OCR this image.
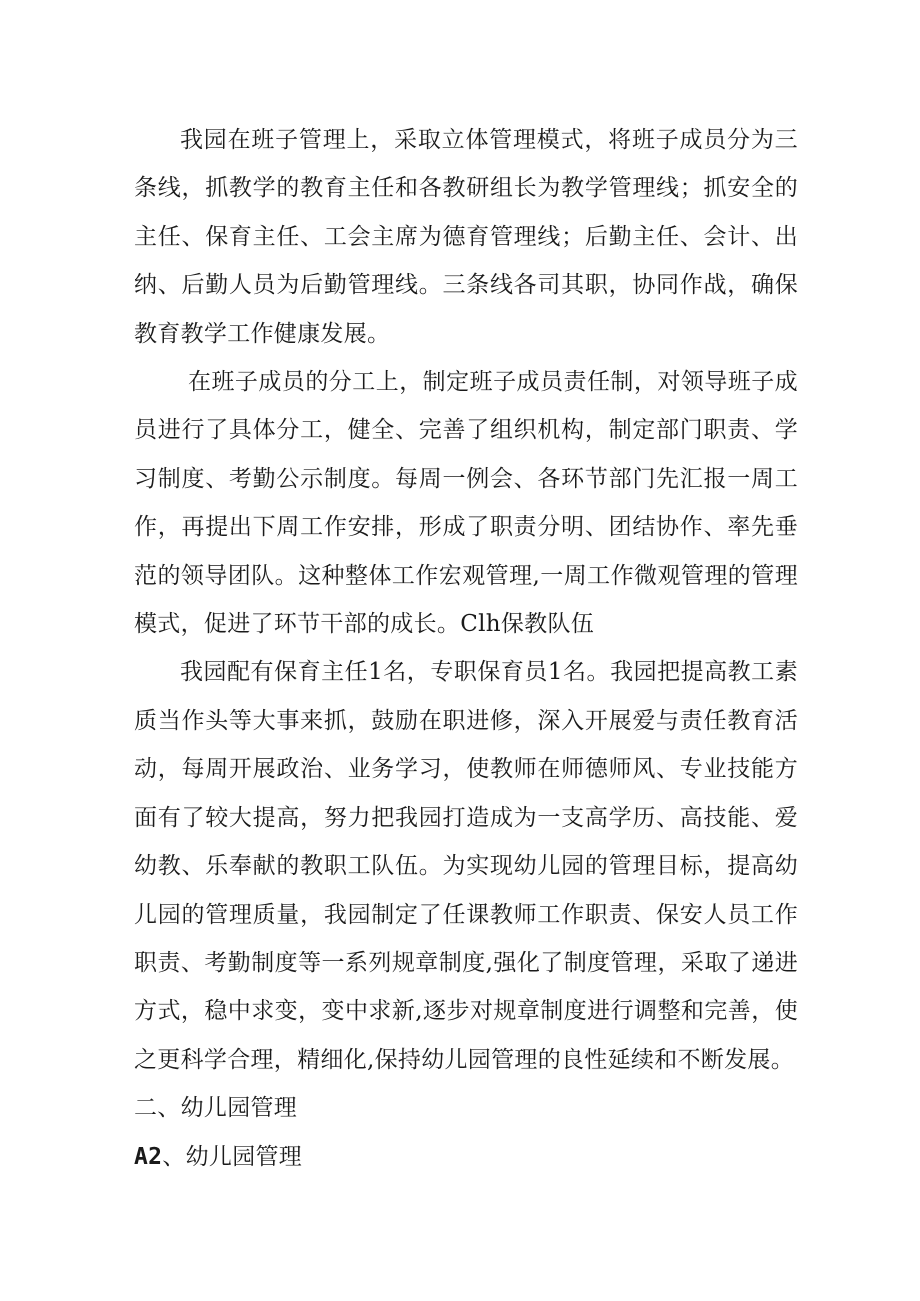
我园在班子管理上，采取立体管理模式，将班子成员分为三条线，抓教学的教育主任和各教研组长为教学管理线；抓安全的主任、保育主任、工会主席为德育管理线；后勤主任、会计、出纳、后勤人员为后勤管理线。三条线各司其职，协同作战，确保教育教学工作健康发展。

在班子成员的分工上，制定班子成员责任制，对领导班子成员进行了具体分工，健全、完善了组织机构，制定部门职责、学习制度、考勤公示制度。每周一例会、各环节部门先汇报一周工作，再提出下周工作安排，形成了职责分明、团结协作、率先垂范的领导团队。这种整体工作宏观管理,一周工作微观管理的管理模式，促进了环节干部的成长。Clh保教队伍

我园配有保育主任1名，专职保育员1名。我园把提高教工素质当作头等大事来抓，鼓励在职进修，深入开展爱与责任教育活动，每周开展政治、业务学习，使教师在师德师风、专业技能方面有了较大提高，努力把我园打造成为一支高学历、高技能、爱幼教、乐奉献的教职工队伍。为实现幼儿园的管理目标，提高幼儿园的管理质量，我园制定了任课教师工作职责、保安人员工作职责、考勤制度等一系列规章制度,强化了制度管理，采取了递进方式，稳中求变，变中求新,逐步对规章制度进行调整和完善，使之更科学合理，精细化,保持幼儿园管理的良性延续和不断发展。

二、幼儿园管理

A2、幼儿园管理
